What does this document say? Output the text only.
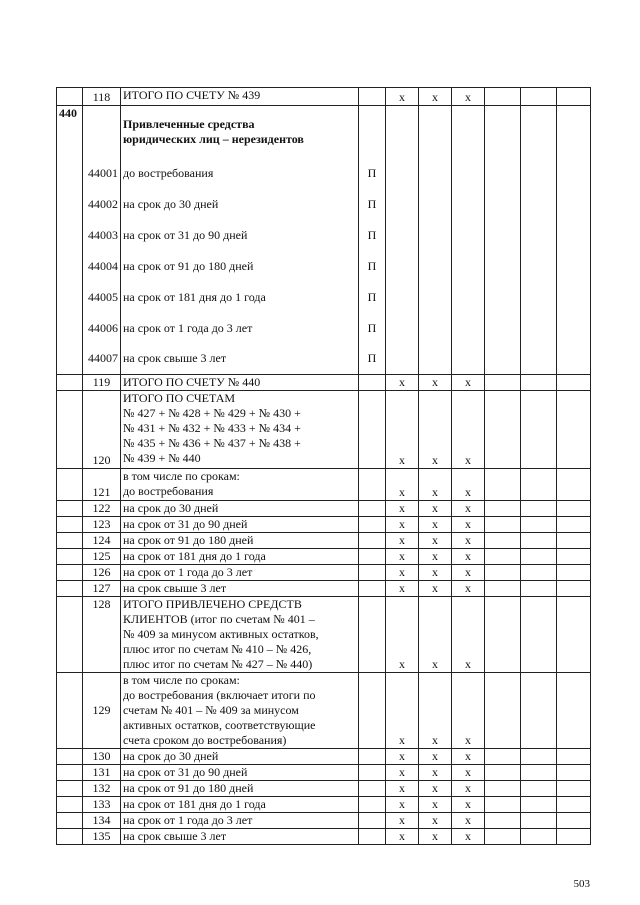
	118	ИТОГО ПО СЧЕТУ № 439		x	x	x			
440		Привлеченные средства
юридических лиц – нерезидентов							
	44001	до востребования	П						
	44002	на срок до 30 дней	П						
	44003	на срок от 31 до 90 дней	П						
	44004	на срок от 91 до 180 дней	П						
	44005	на срок от 181 дня до 1 года	П						
	44006	на срок от 1 года до 3 лет	П						
	44007	на срок свыше 3 лет	П						
	119	ИТОГО ПО СЧЕТУ № 440		x	x	x			
	120	ИТОГО ПО СЧЕТАМ
№ 427 + № 428 + № 429 + № 430 +
№ 431 + № 432 + № 433 + № 434 +
№ 435 + № 436 + № 437 + № 438 +
№ 439 + № 440		x	x	x			
	121	в том числе по срокам:
до востребования		x	x	x			
	122	на срок до 30 дней		x	x	x			
	123	на срок от 31 до 90 дней		x	x	x			
	124	на срок от 91 до 180 дней		x	x	x			
	125	на срок от 181 дня до 1 года		x	x	x			
	126	на срок от 1 года до 3 лет		x	x	x			
	127	на срок свыше 3 лет		x	x	x			
	128	ИТОГО ПРИВЛЕЧЕНО СРЕДСТВ
КЛИЕНТОВ (итог по счетам № 401 –
№ 409 за минусом активных остатков,
плюс итог по счетам № 410 – № 426,
плюс итог по счетам № 427 – № 440)		x	x	x			
	129	в том числе по срокам:
до востребования (включает итоги по
счетам № 401 – № 409 за минусом
активных остатков, соответствующие
счета сроком до востребования)		x	x	x			
	130	на срок до 30 дней		x	x	x			
	131	на срок от 31 до 90 дней		x	x	x			
	132	на срок от 91 до 180 дней		x	x	x			
	133	на срок от 181 дня до 1 года		x	x	x			
	134	на срок от 1 года до 3 лет		x	x	x			
	135	на срок свыше 3 лет		x	x	x			
503
